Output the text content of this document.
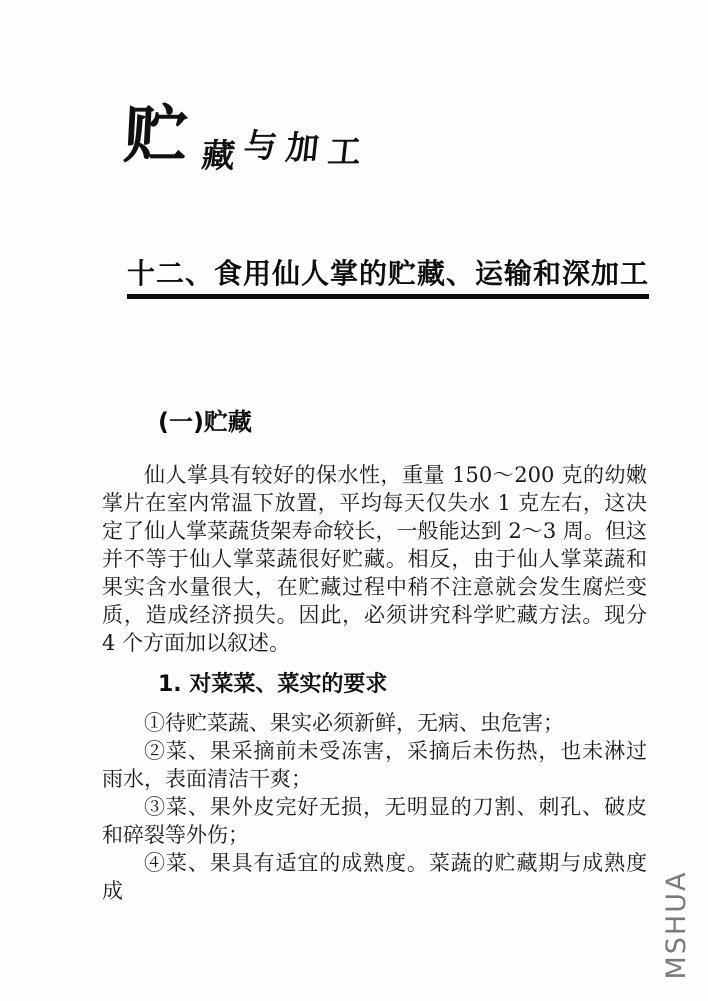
贮 藏 与 加 工
十二、食用仙人掌的贮藏、运输和深加工
(一)贮藏
仙人掌具有较好的保水性，重量 150～200 克的幼嫩掌片在室内常温下放置，平均每天仅失水 1 克左右，这决定了仙人掌菜蔬货架寿命较长，一般能达到 2～3 周。但这并不等于仙人掌菜蔬很好贮藏。相反，由于仙人掌菜蔬和果实含水量很大，在贮藏过程中稍不注意就会发生腐烂变质，造成经济损失。因此，必须讲究科学贮藏方法。现分 4 个方面加以叙述。
1. 对菜菜、菜实的要求

①待贮菜蔬、果实必须新鲜，无病、虫危害；

②菜、果采摘前未受冻害，采摘后未伤热，也未淋过雨水，表面清洁干爽；

③菜、果外皮完好无损，无明显的刀割、刺孔、破皮和碎裂等外伤；

④菜、果具有适宜的成熟度。菜蔬的贮藏期与成熟度成	MSHUA
